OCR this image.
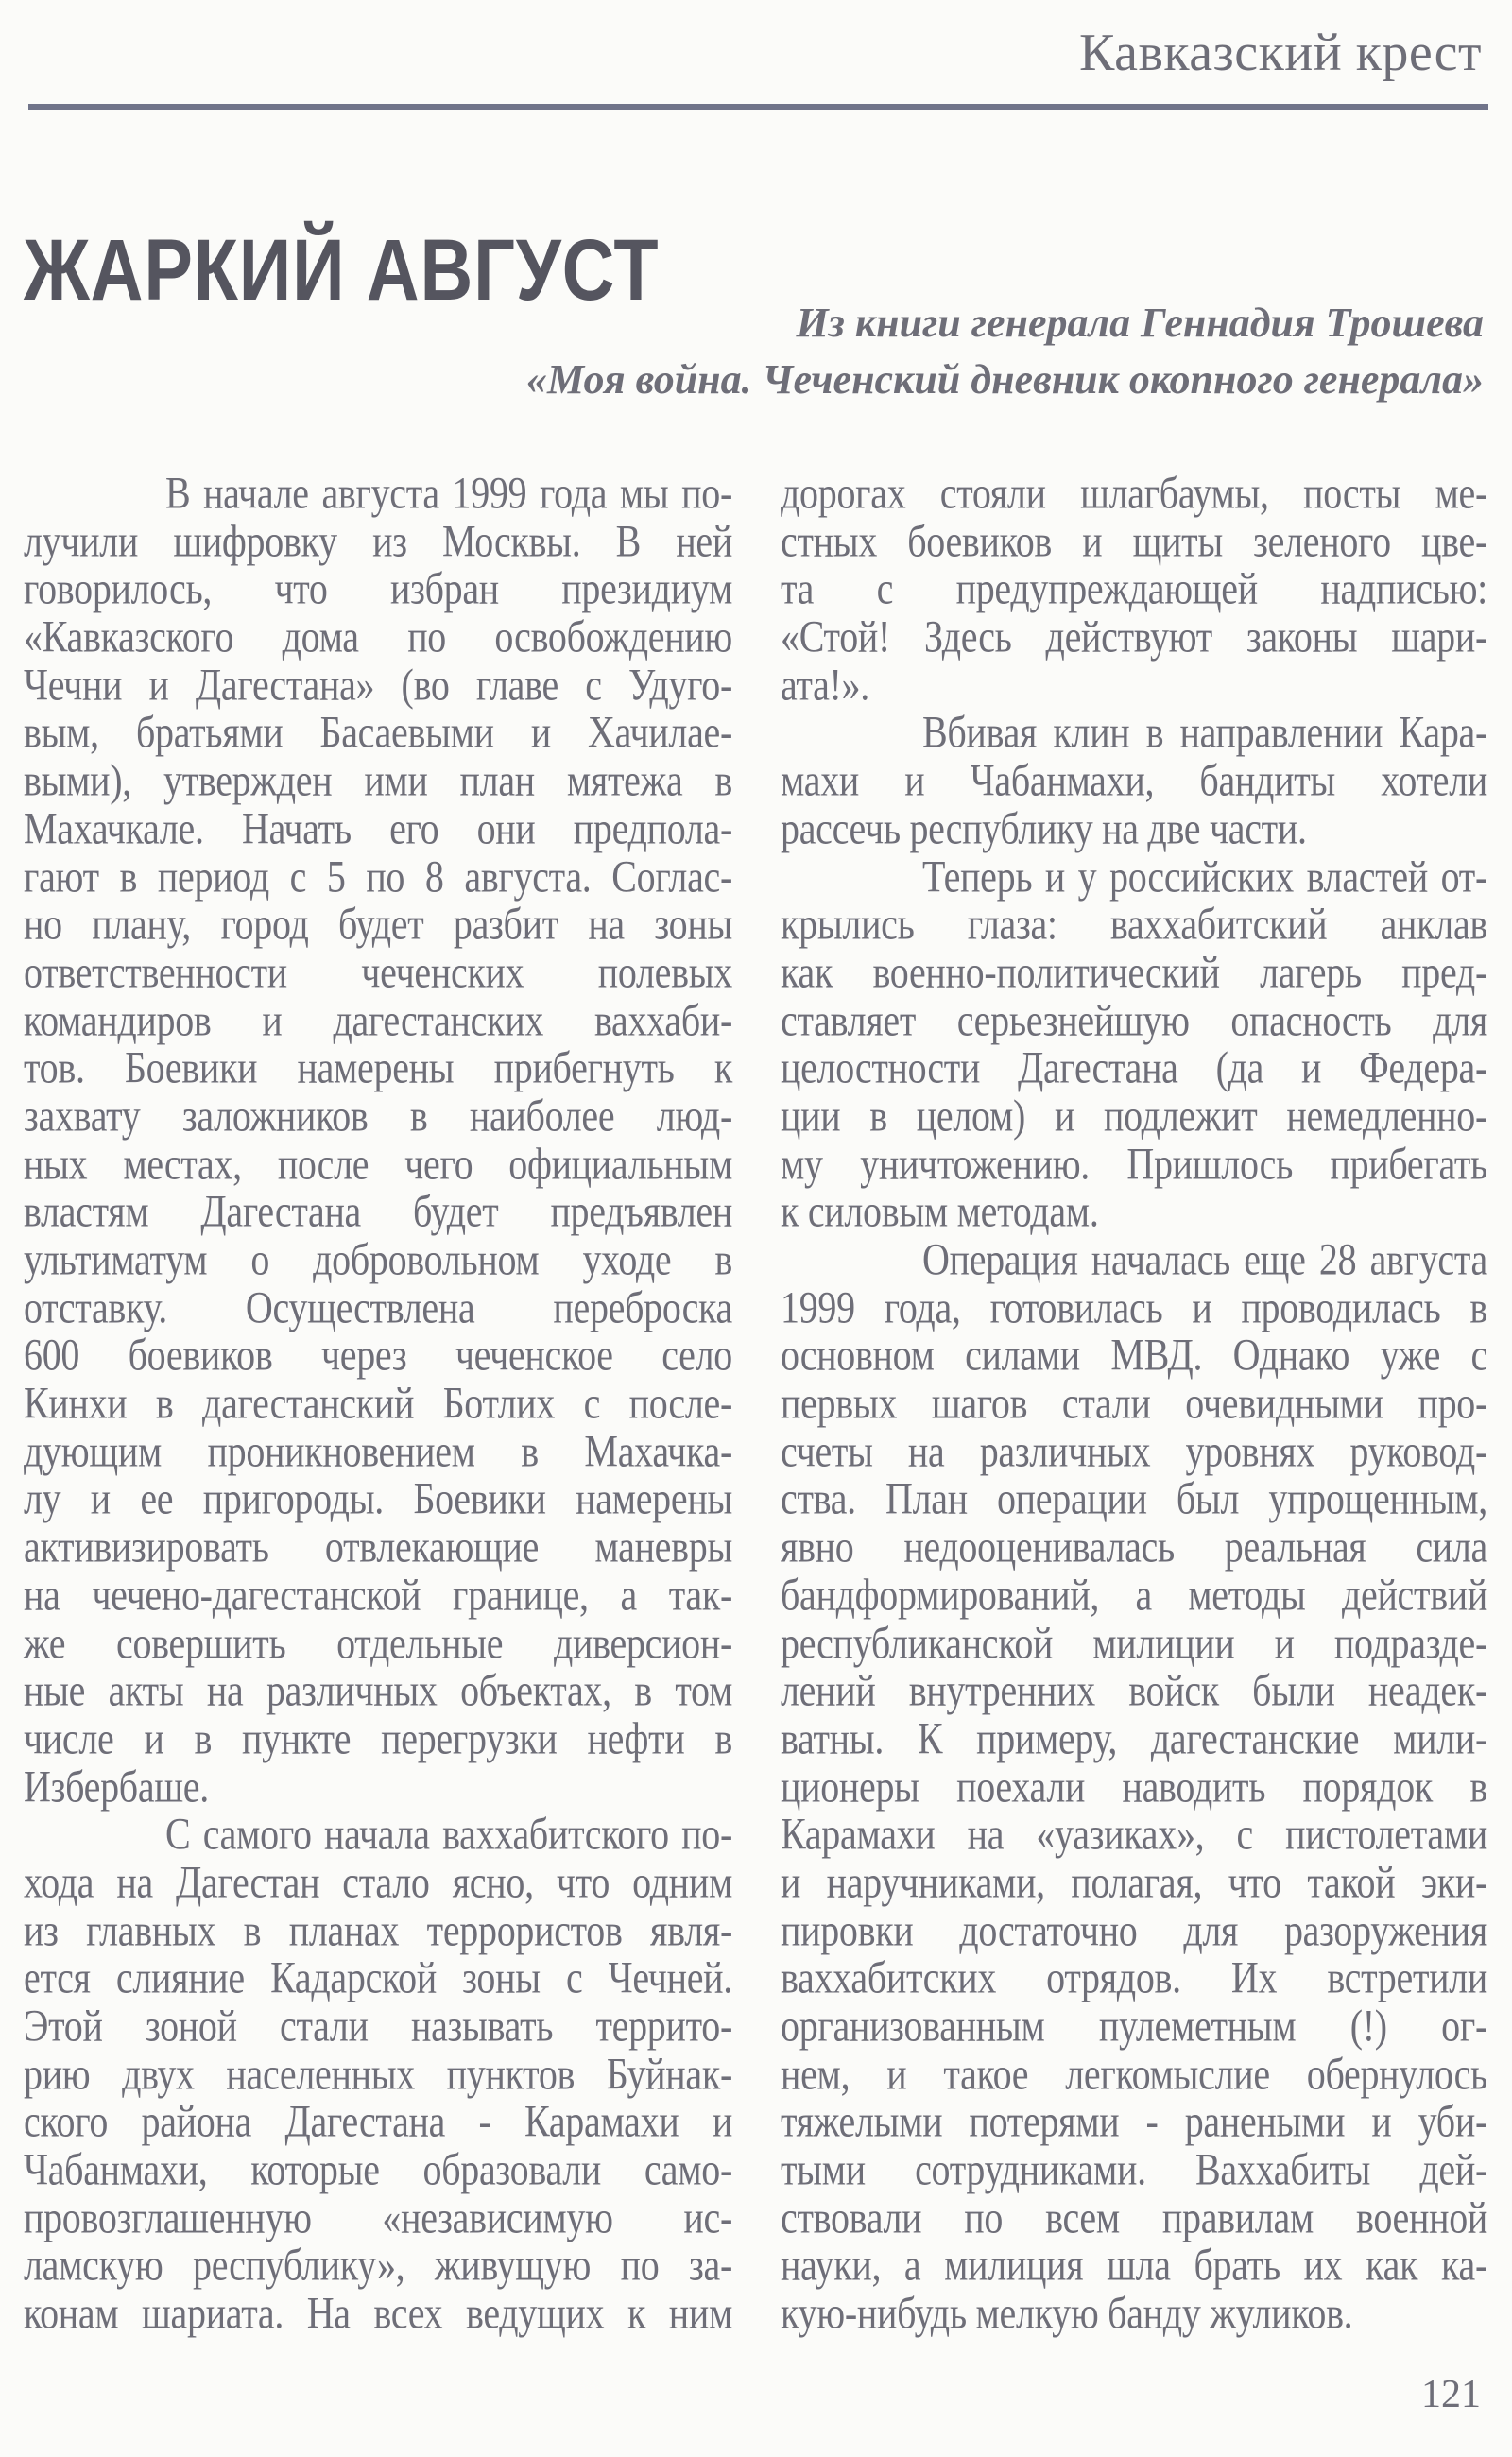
Кавказский крест
ЖАРКИЙ АВГУСТ
Из книги генерала Геннадия Трошева
«Моя война. Чеченский дневник окопного генерала»
В начале августа 1999 года мы по-
лучили шифровку из Москвы. В ней
говорилось, что избран президиум
«Кавказского дома по освобождению
Чечни и Дагестана» (во главе с Удуго-
вым, братьями Басаевыми и Хачилае-
выми), утвержден ими план мятежа в
Махачкале. Начать его они предпола-
гают в период с 5 по 8 августа. Соглас-
но плану, город будет разбит на зоны
ответственности чеченских полевых
командиров и дагестанских ваххаби-
тов. Боевики намерены прибегнуть к
захвату заложников в наиболее люд-
ных местах, после чего официальным
властям Дагестана будет предъявлен
ультиматум о добровольном уходе в
отставку. Осуществлена переброска
600 боевиков через чеченское село
Кинхи в дагестанский Ботлих с после-
дующим проникновением в Махачка-
лу и ее пригороды. Боевики намерены
активизировать отвлекающие маневры
на чечено-дагестанской границе, а так-
же совершить отдельные диверсион-
ные акты на различных объектах, в том
числе и в пункте перегрузки нефти в
Избербаше.
С самого начала ваххабитского по-
хода на Дагестан стало ясно, что одним
из главных в планах террористов явля-
ется слияние Кадарской зоны с Чечней.
Этой зоной стали называть террито-
рию двух населенных пунктов Буйнак-
ского района Дагестана - Карамахи и
Чабанмахи, которые образовали само-
провозглашенную «независимую ис-
ламскую республику», живущую по за-
конам шариата. На всех ведущих к ним
дорогах стояли шлагбаумы, посты ме-
стных боевиков и щиты зеленого цве-
та с предупреждающей надписью:
«Стой! Здесь действуют законы шари-
ата!».
Вбивая клин в направлении Кара-
махи и Чабанмахи, бандиты хотели
рассечь республику на две части.
Теперь и у российских властей от-
крылись глаза: ваххабитский анклав
как военно-политический лагерь пред-
ставляет серьезнейшую опасность для
целостности Дагестана (да и Федера-
ции в целом) и подлежит немедленно-
му уничтожению. Пришлось прибегать
к силовым методам.
Операция началась еще 28 августа
1999 года, готовилась и проводилась в
основном силами МВД. Однако уже с
первых шагов стали очевидными про-
счеты на различных уровнях руковод-
ства. План операции был упрощенным,
явно недооценивалась реальная сила
бандформирований, а методы действий
республиканской милиции и подразде-
лений внутренних войск были неадек-
ватны. К примеру, дагестанские мили-
ционеры поехали наводить порядок в
Карамахи на «уазиках», с пистолетами
и наручниками, полагая, что такой эки-
пировки достаточно для разоружения
ваххабитских отрядов. Их встретили
организованным пулеметным (!) ог-
нем, и такое легкомыслие обернулось
тяжелыми потерями - ранеными и уби-
тыми сотрудниками. Ваххабиты дей-
ствовали по всем правилам военной
науки, а милиция шла брать их как ка-
кую-нибудь мелкую банду жуликов.
121
